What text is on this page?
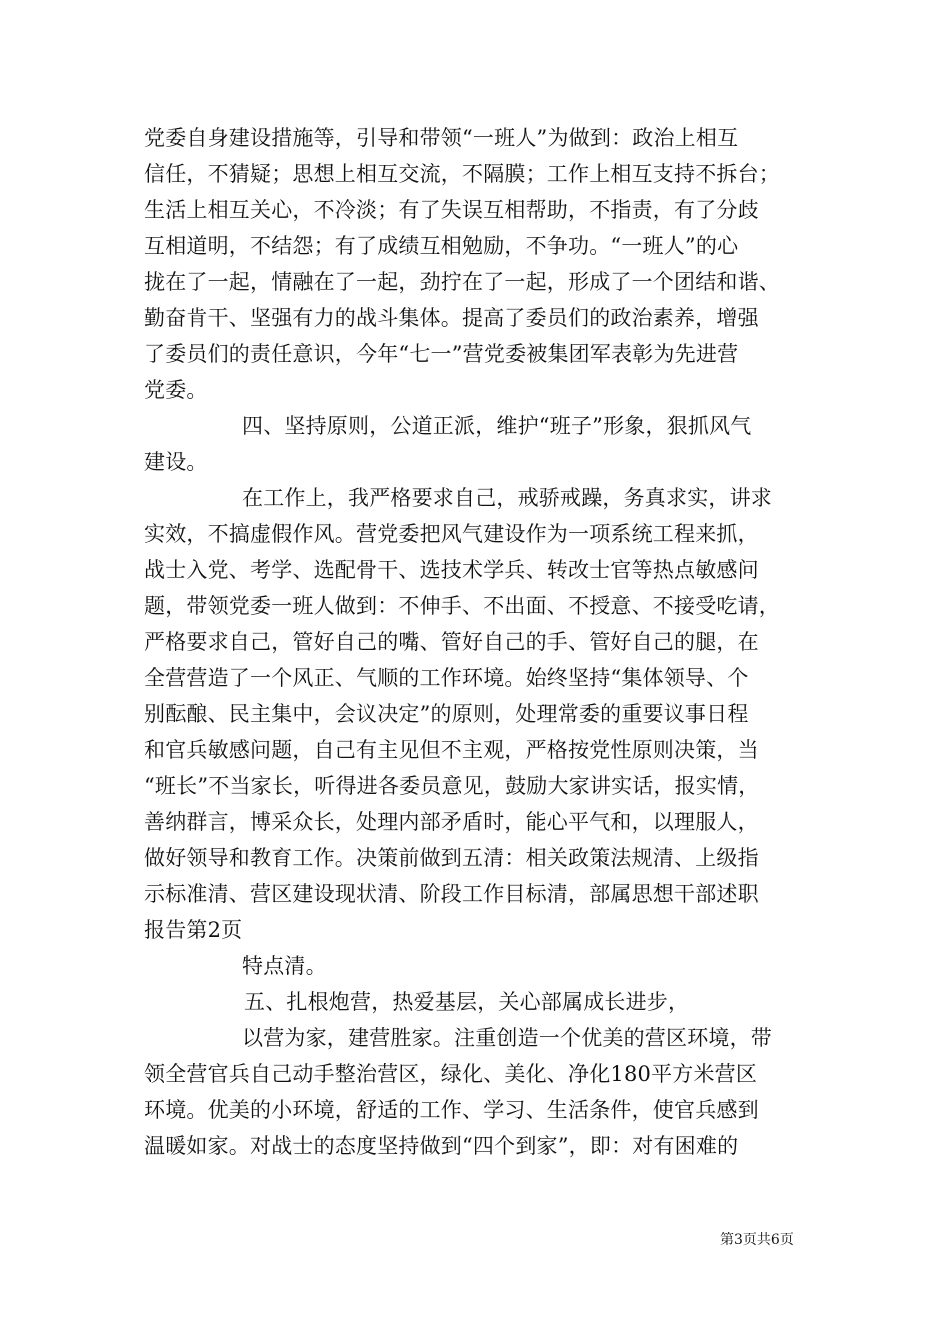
党委自身建设措施等，引导和带领“一班人”为做到：政治上相互
信任，不猜疑；思想上相互交流，不隔膜；工作上相互支持不拆台；
生活上相互关心，不冷淡；有了失误互相帮助，不指责，有了分歧
互相道明，不结怨；有了成绩互相勉励，不争功。“一班人”的心
拢在了一起，情融在了一起，劲拧在了一起，形成了一个团结和谐、
勤奋肯干、坚强有力的战斗集体。提高了委员们的政治素养，增强
了委员们的责任意识，今年“七一”营党委被集团军表彰为先进营
党委。
四、坚持原则，公道正派，维护“班子”形象，狠抓风气
建设。
在工作上，我严格要求自己，戒骄戒躁，务真求实，讲求
实效，不搞虚假作风。营党委把风气建设作为一项系统工程来抓，
战士入党、考学、选配骨干、选技术学兵、转改士官等热点敏感问
题，带领党委一班人做到：不伸手、不出面、不授意、不接受吃请，
严格要求自己，管好自己的嘴、管好自己的手、管好自己的腿，在
全营营造了一个风正、气顺的工作环境。始终坚持“集体领导、个
别酝酿、民主集中，会议决定”的原则，处理常委的重要议事日程
和官兵敏感问题，自己有主见但不主观，严格按党性原则决策，当
“班长”不当家长，听得进各委员意见，鼓励大家讲实话，报实情，
善纳群言，博采众长，处理内部矛盾时，能心平气和，以理服人，
做好领导和教育工作。决策前做到五清：相关政策法规清、上级指
示标准清、营区建设现状清、阶段工作目标清，部属思想干部述职
报告第2页
特点清。
五、扎根炮营，热爱基层，关心部属成长进步，
以营为家，建营胜家。注重创造一个优美的营区环境，带
领全营官兵自己动手整治营区，绿化、美化、净化180平方米营区
环境。优美的小环境，舒适的工作、学习、生活条件，使官兵感到
温暖如家。对战士的态度坚持做到“四个到家”，即：对有困难的
第3页共6页
